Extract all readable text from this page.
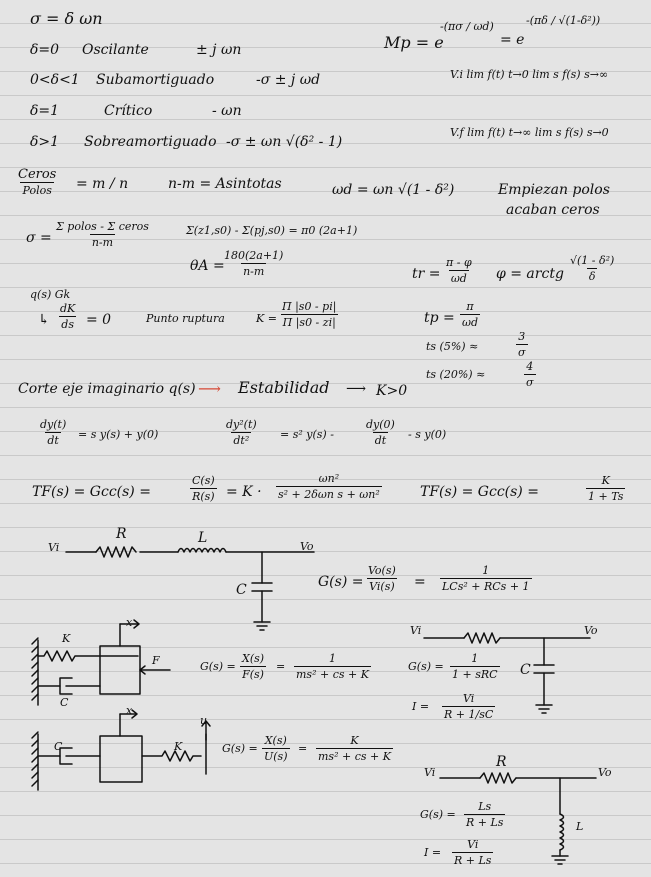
σ = δ ωn
δ=0 Oscilante	± j ωn
0<δ<1 Subamortiguado	-σ ± j ωd
δ=1	Crítico	- ωn
δ>1 Sobreamortiguado -σ ± ωn √(δ² - 1)
Mp = e
-(πσ / ωd)
= e
-(πδ / √(1-δ²))
V.i lim f(t) t→0 lim s f(s) s→∞
V.f lim f(t) t→∞ lim s f(s) s→0
Ceros
Polos = m / n	n-m = Asintotas	ωd = ωn √(1 - δ²)	Empiezan polos
acaban ceros
σ =
Σ polos - Σ ceros
n-m
Σ(z1,s0) - Σ(pj,s0) = π0 (2a+1)
θA =
$\frac{180(2a+1)}{n-m}$	tr = $\frac{\pi - \varphi}{\omega d}$ φ = arctg $\frac{\text{√(1 - δ²)}}{\delta}$
q(s) Gk
↳ $\frac{dK}{ds} = 0$	Punto ruptura	$K = \frac{\Pi |s0 - pi|}{\Pi |s0 - zi|}$	tp = $\frac{\pi}{\omega d}$
ts (5%) ≈	$\frac{3}{\sigma}$
ts (20%) ≈	$\frac{4}{\sigma}$
Corte eje imaginario q(s) ⟶ Estabilidad ⟶ K>0
$\frac{dy(t)}{dt} = s$ y(s) + y(0)	$\frac{\text{dy²(t)}}{\text{dt²}} = s^2$ y(s) -	$\frac{dy(0)}{dt}$ - s y(0)
TF(s) = Gcc(s) =	$\frac{C(s)}{R(s)} = K$ ·
ωn²
s² + 2δωn s + ωn²	TF(s) = Gcc(s) =	$\frac{K}{1 + Ts}$
Vi
R	L
Vo
C	$G(s) = \frac{Vo(s)}{Vi(s)}$ =
1
LCs² + RCs + 1
K
C
x
F	$G(s) = \frac{X(s)}{F(s)} = \frac{1}{\text{ms² + cs + K}}$
C
x
K
u
$G(s) = \frac{X(s)}{U(s)} = \frac{K}{\text{ms² + cs + K}}$
Vi	Vo
C
G(s) =
1
1 + sRC
$I = \frac{Vi}{R + 1/sC}$
Vi
R
Vo
L
$G(s) = \frac{Ls}{R + Ls}$
$I = \frac{Vi}{R + Ls}$
